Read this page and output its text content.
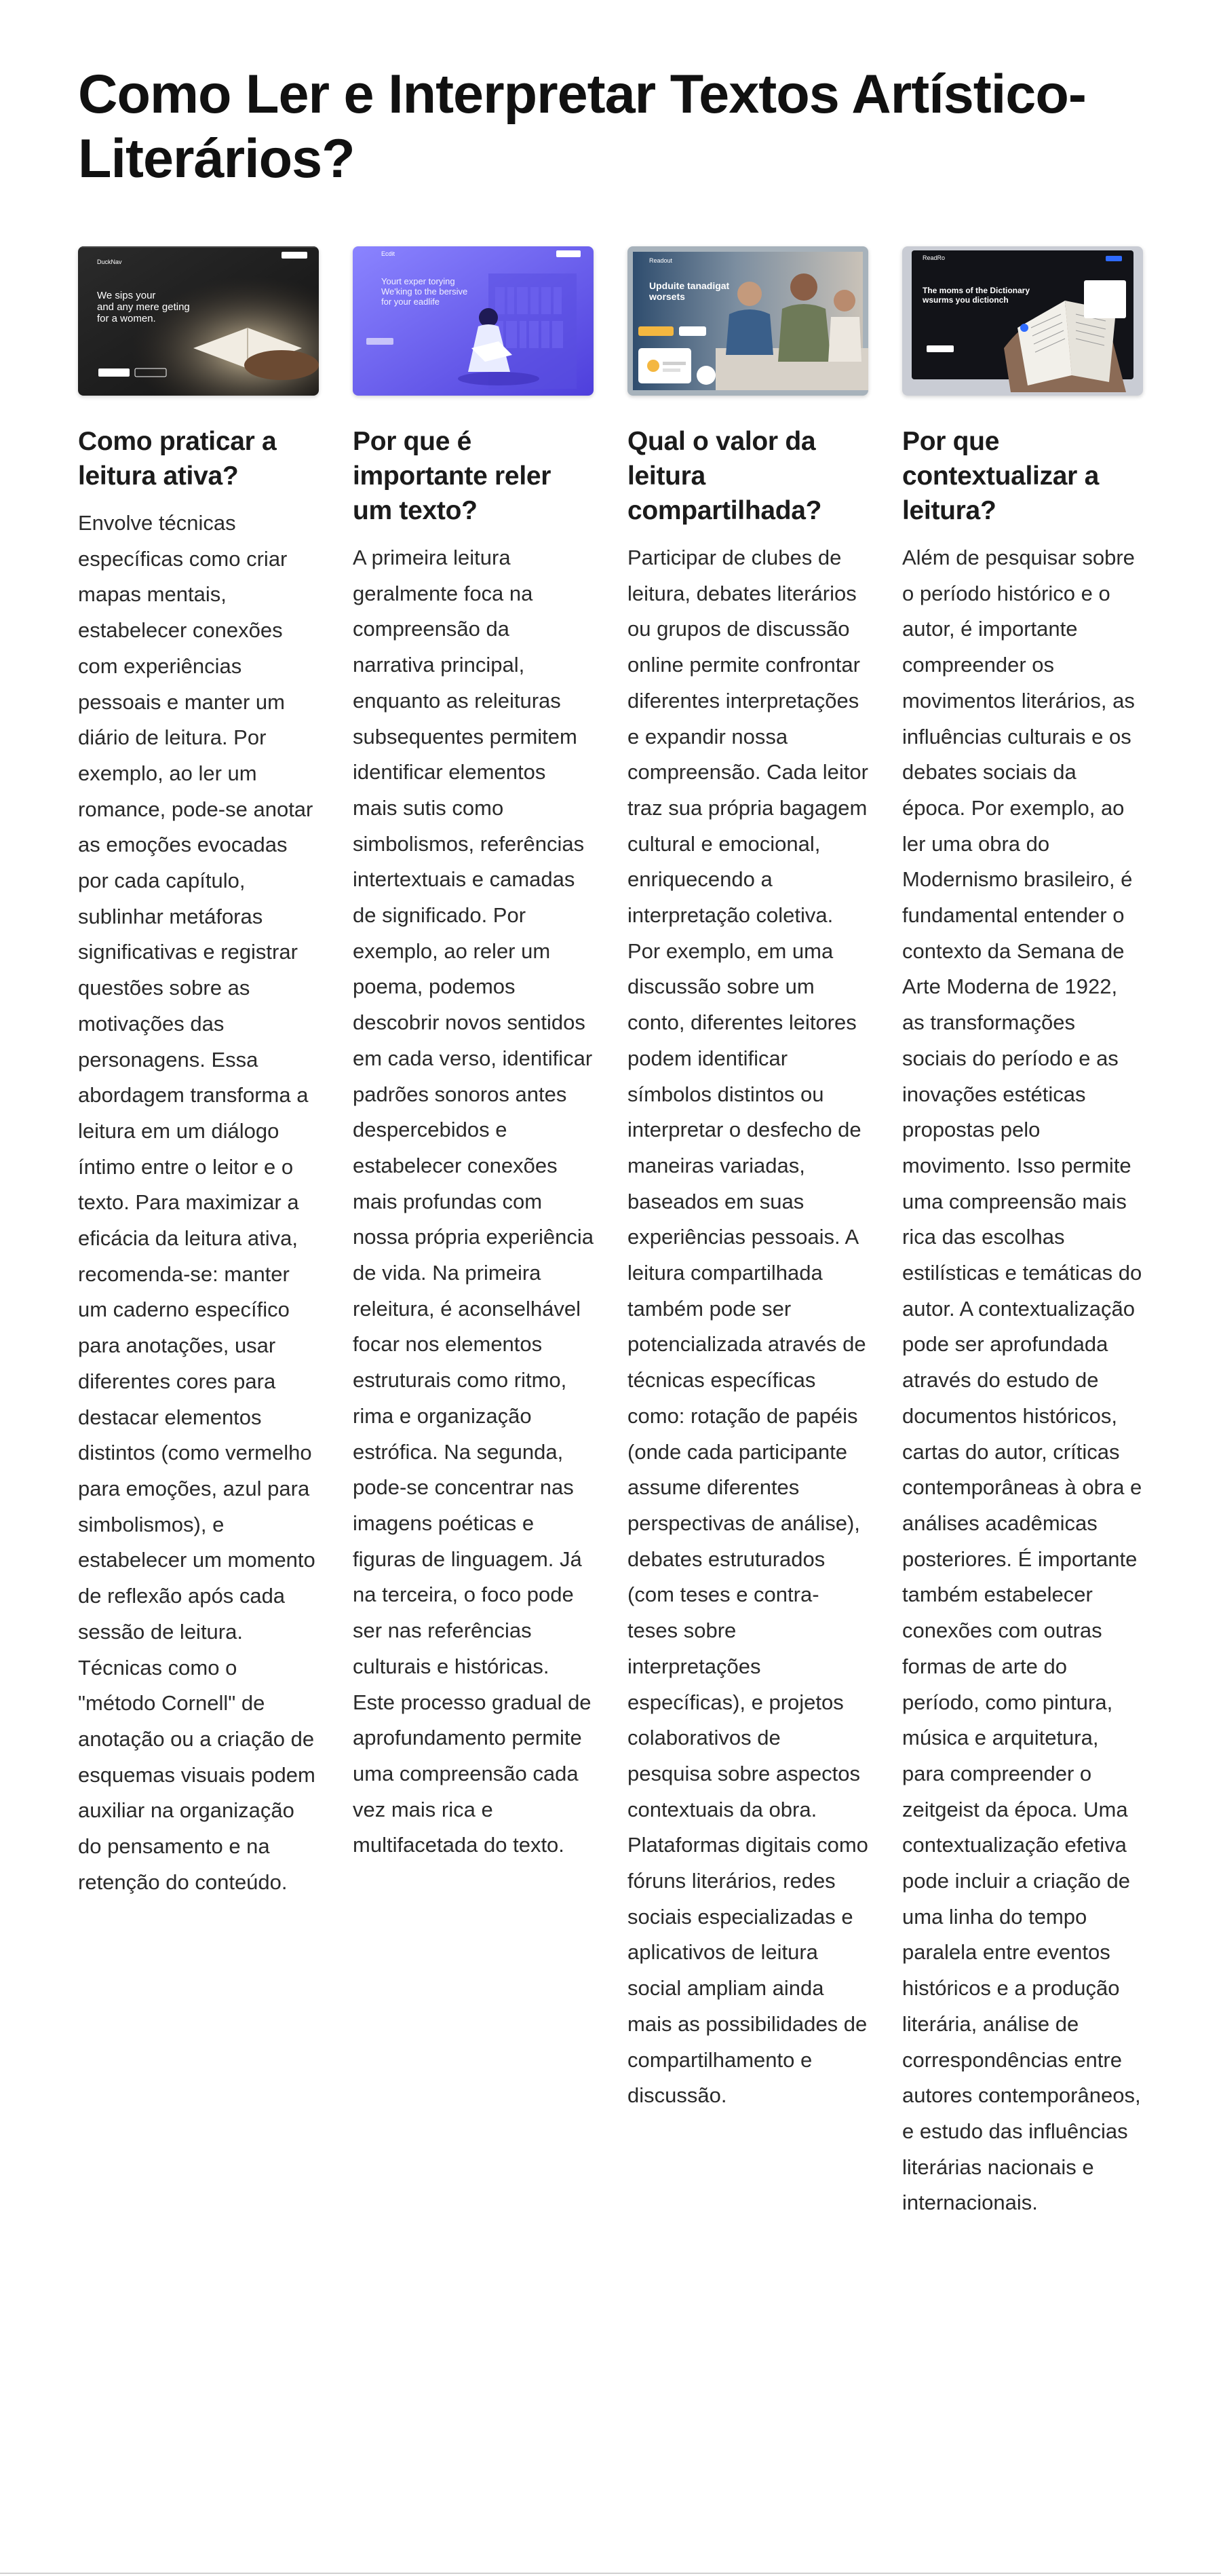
Como Ler e Interpretar Textos Artístico-Literários?
DuckNav
We sips your
and any mere geting
for a women.
Como praticar a leitura ativa?

Envolve técnicas específicas como criar mapas mentais, estabelecer conexões com experiências pessoais e manter um diário de leitura. Por exemplo, ao ler um romance, pode-se anotar as emoções evocadas por cada capítulo, sublinhar metáforas significativas e registrar questões sobre as motivações das personagens. Essa abordagem transforma a leitura em um diálogo íntimo entre o leitor e o texto. Para maximizar a eficácia da leitura ativa, recomenda-se: manter um caderno específico para anotações, usar diferentes cores para destacar elementos distintos (como vermelho para emoções, azul para simbolismos), e estabelecer um momento de reflexão após cada sessão de leitura. Técnicas como o "método Cornell" de anotação ou a criação de esquemas visuais podem auxiliar na organização do pensamento e na retenção do conteúdo.

Ecdit
Yourt exper torying
We'king to the bersive
for your eadlife
Por que é importante reler um texto?

A primeira leitura geralmente foca na compreensão da narrativa principal, enquanto as releituras subsequentes permitem identificar elementos mais sutis como simbolismos, referências intertextuais e camadas de significado. Por exemplo, ao reler um poema, podemos descobrir novos sentidos em cada verso, identificar padrões sonoros antes despercebidos e estabelecer conexões mais profundas com nossa própria experiência de vida. Na primeira releitura, é aconselhável focar nos elementos estruturais como ritmo, rima e organização estrófica. Na segunda, pode-se concentrar nas imagens poéticas e figuras de linguagem. Já na terceira, o foco pode ser nas referências culturais e históricas. Este processo gradual de aprofundamento permite uma compreensão cada vez mais rica e multifacetada do texto.

Readout
Upduite tanadigat
worsets
Qual o valor da leitura compartilhada?

Participar de clubes de leitura, debates literários ou grupos de discussão online permite confrontar diferentes interpretações e expandir nossa compreensão. Cada leitor traz sua própria bagagem cultural e emocional, enriquecendo a interpretação coletiva. Por exemplo, em uma discussão sobre um conto, diferentes leitores podem identificar símbolos distintos ou interpretar o desfecho de maneiras variadas, baseados em suas experiências pessoais. A leitura compartilhada também pode ser potencializada através de técnicas específicas como: rotação de papéis (onde cada participante assume diferentes perspectivas de análise), debates estruturados (com teses e contra-teses sobre interpretações específicas), e projetos colaborativos de pesquisa sobre aspectos contextuais da obra. Plataformas digitais como fóruns literários, redes sociais especializadas e aplicativos de leitura social ampliam ainda mais as possibilidades de compartilhamento e discussão.

ReadRo
The moms of the Dictionary
wsurms you dictionch
Por que contextualizar a leitura?

Além de pesquisar sobre o período histórico e o autor, é importante compreender os movimentos literários, as influências culturais e os debates sociais da época. Por exemplo, ao ler uma obra do Modernismo brasileiro, é fundamental entender o contexto da Semana de Arte Moderna de 1922, as transformações sociais do período e as inovações estéticas propostas pelo movimento. Isso permite uma compreensão mais rica das escolhas estilísticas e temáticas do autor. A contextualização pode ser aprofundada através do estudo de documentos históricos, cartas do autor, críticas contemporâneas à obra e análises acadêmicas posteriores. É importante também estabelecer conexões com outras formas de arte do período, como pintura, música e arquitetura, para compreender o zeitgeist da época. Uma contextualização efetiva pode incluir a criação de uma linha do tempo paralela entre eventos históricos e a produção literária, análise de correspondências entre autores contemporâneos, e estudo das influências literárias nacionais e internacionais.
